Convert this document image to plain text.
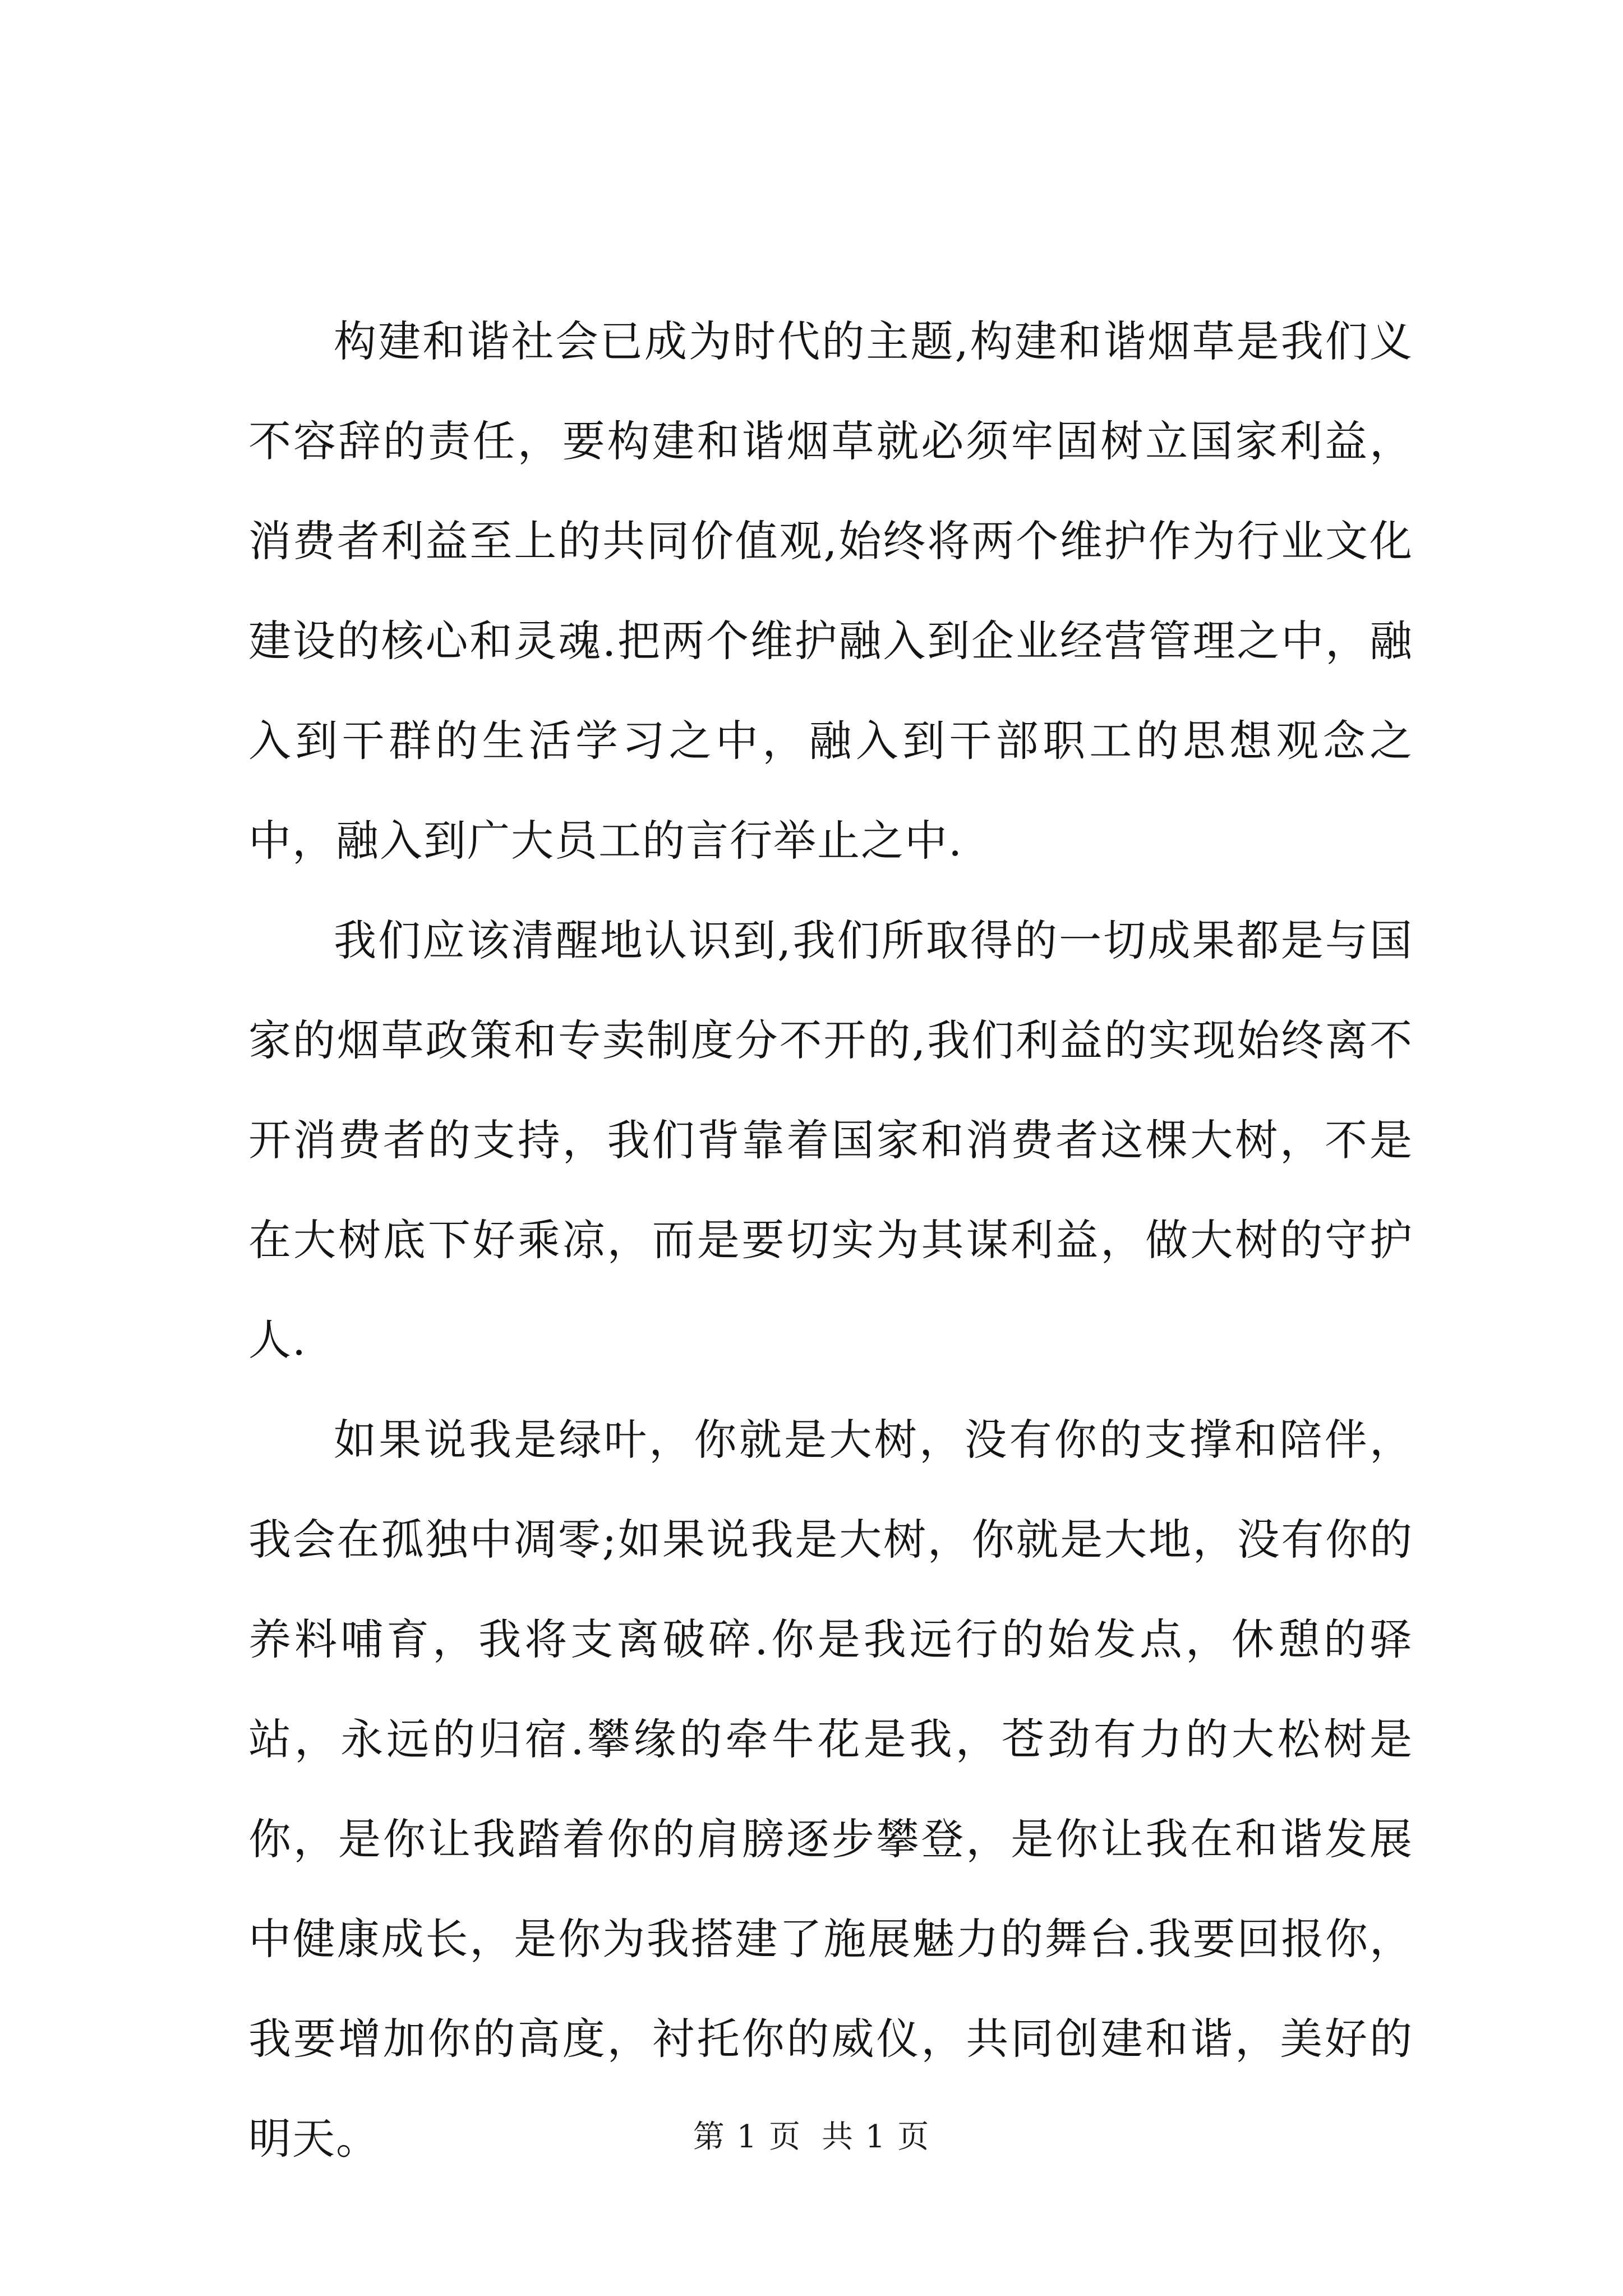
构建和谐社会已成为时代的主题,构建和谐烟草是我们义不容辞的责任，要构建和谐烟草就必须牢固树立国家利益，消费者利益至上的共同价值观,始终将两个维护作为行业文化建设的核心和灵魂.把两个维护融入到企业经营管理之中，融入到干群的生活学习之中，融入到干部职工的思想观念之中，融入到广大员工的言行举止之中.

我们应该清醒地认识到,我们所取得的一切成果都是与国家的烟草政策和专卖制度分不开的,我们利益的实现始终离不开消费者的支持，我们背靠着国家和消费者这棵大树，不是在大树底下好乘凉，而是要切实为其谋利益，做大树的守护人.

如果说我是绿叶，你就是大树，没有你的支撑和陪伴，我会在孤独中凋零;如果说我是大树，你就是大地，没有你的养料哺育，我将支离破碎.你是我远行的始发点，休憩的驿站，永远的归宿.攀缘的牵牛花是我，苍劲有力的大松树是你，是你让我踏着你的肩膀逐步攀登，是你让我在和谐发展中健康成长，是你为我搭建了施展魅力的舞台.我要回报你，我要增加你的高度，衬托你的威仪，共同创建和谐，美好的明天。	第 1 页 共 1 页
